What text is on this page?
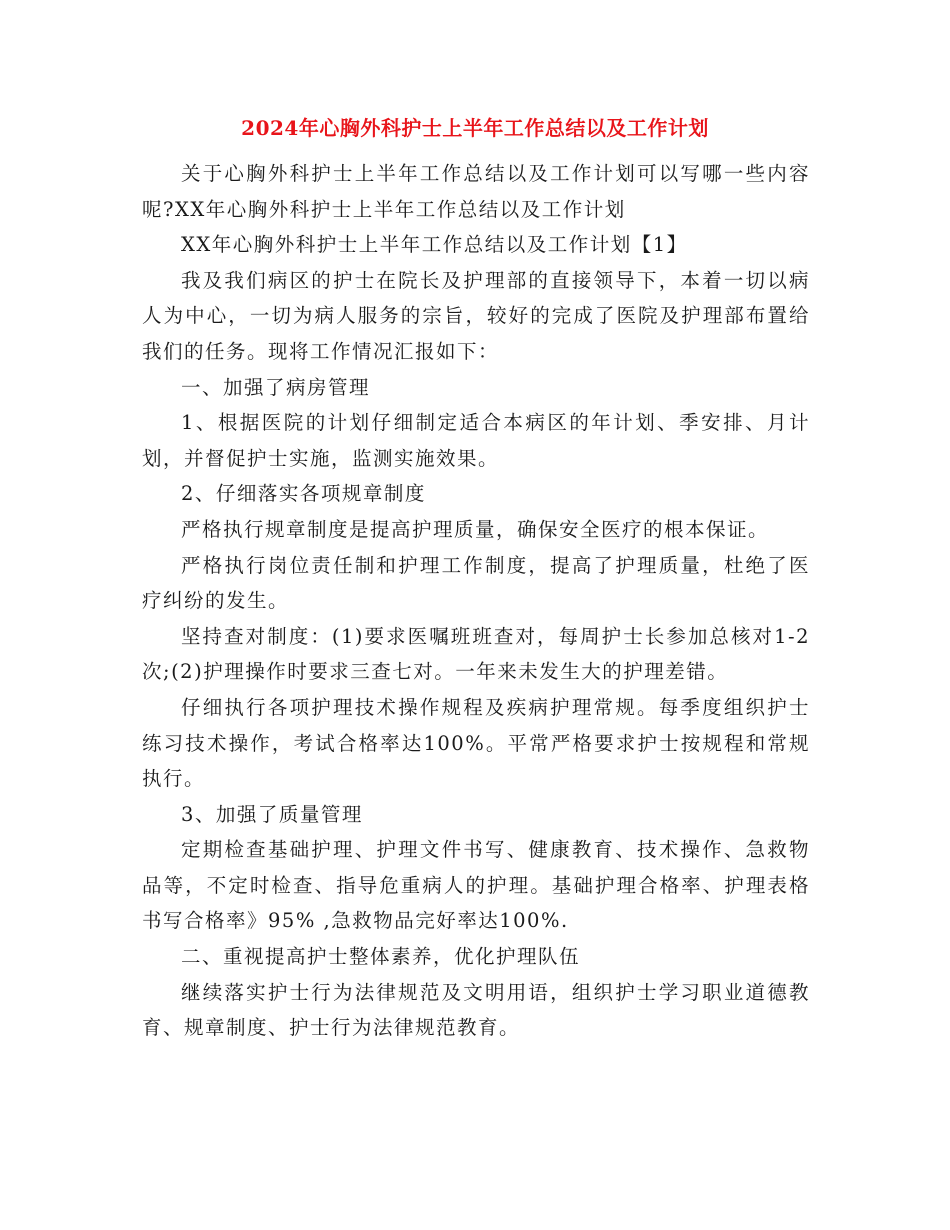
2024年心胸外科护士上半年工作总结以及工作计划

关于心胸外科护士上半年工作总结以及工作计划可以写哪一些内容呢?XX年心胸外科护士上半年工作总结以及工作计划

XX年心胸外科护士上半年工作总结以及工作计划【1】

我及我们病区的护士在院长及护理部的直接领导下，本着一切以病人为中心，一切为病人服务的宗旨，较好的完成了医院及护理部布置给我们的任务。现将工作情况汇报如下：

一、加强了病房管理

1、根据医院的计划仔细制定适合本病区的年计划、季安排、月计划，并督促护士实施，监测实施效果。

2、仔细落实各项规章制度

严格执行规章制度是提高护理质量，确保安全医疗的根本保证。

严格执行岗位责任制和护理工作制度，提高了护理质量，杜绝了医疗纠纷的发生。

坚持查对制度：(1)要求医嘱班班查对，每周护士长参加总核对1-2次;(2)护理操作时要求三查七对。一年来未发生大的护理差错。

仔细执行各项护理技术操作规程及疾病护理常规。每季度组织护士练习技术操作，考试合格率达100%。平常严格要求护士按规程和常规执行。

3、加强了质量管理

定期检查基础护理、护理文件书写、健康教育、技术操作、急救物品等，不定时检查、指导危重病人的护理。基础护理合格率、护理表格书写合格率》95% ,急救物品完好率达100%.

二、重视提高护士整体素养，优化护理队伍

继续落实护士行为法律规范及文明用语，组织护士学习职业道德教育、规章制度、护士行为法律规范教育。
